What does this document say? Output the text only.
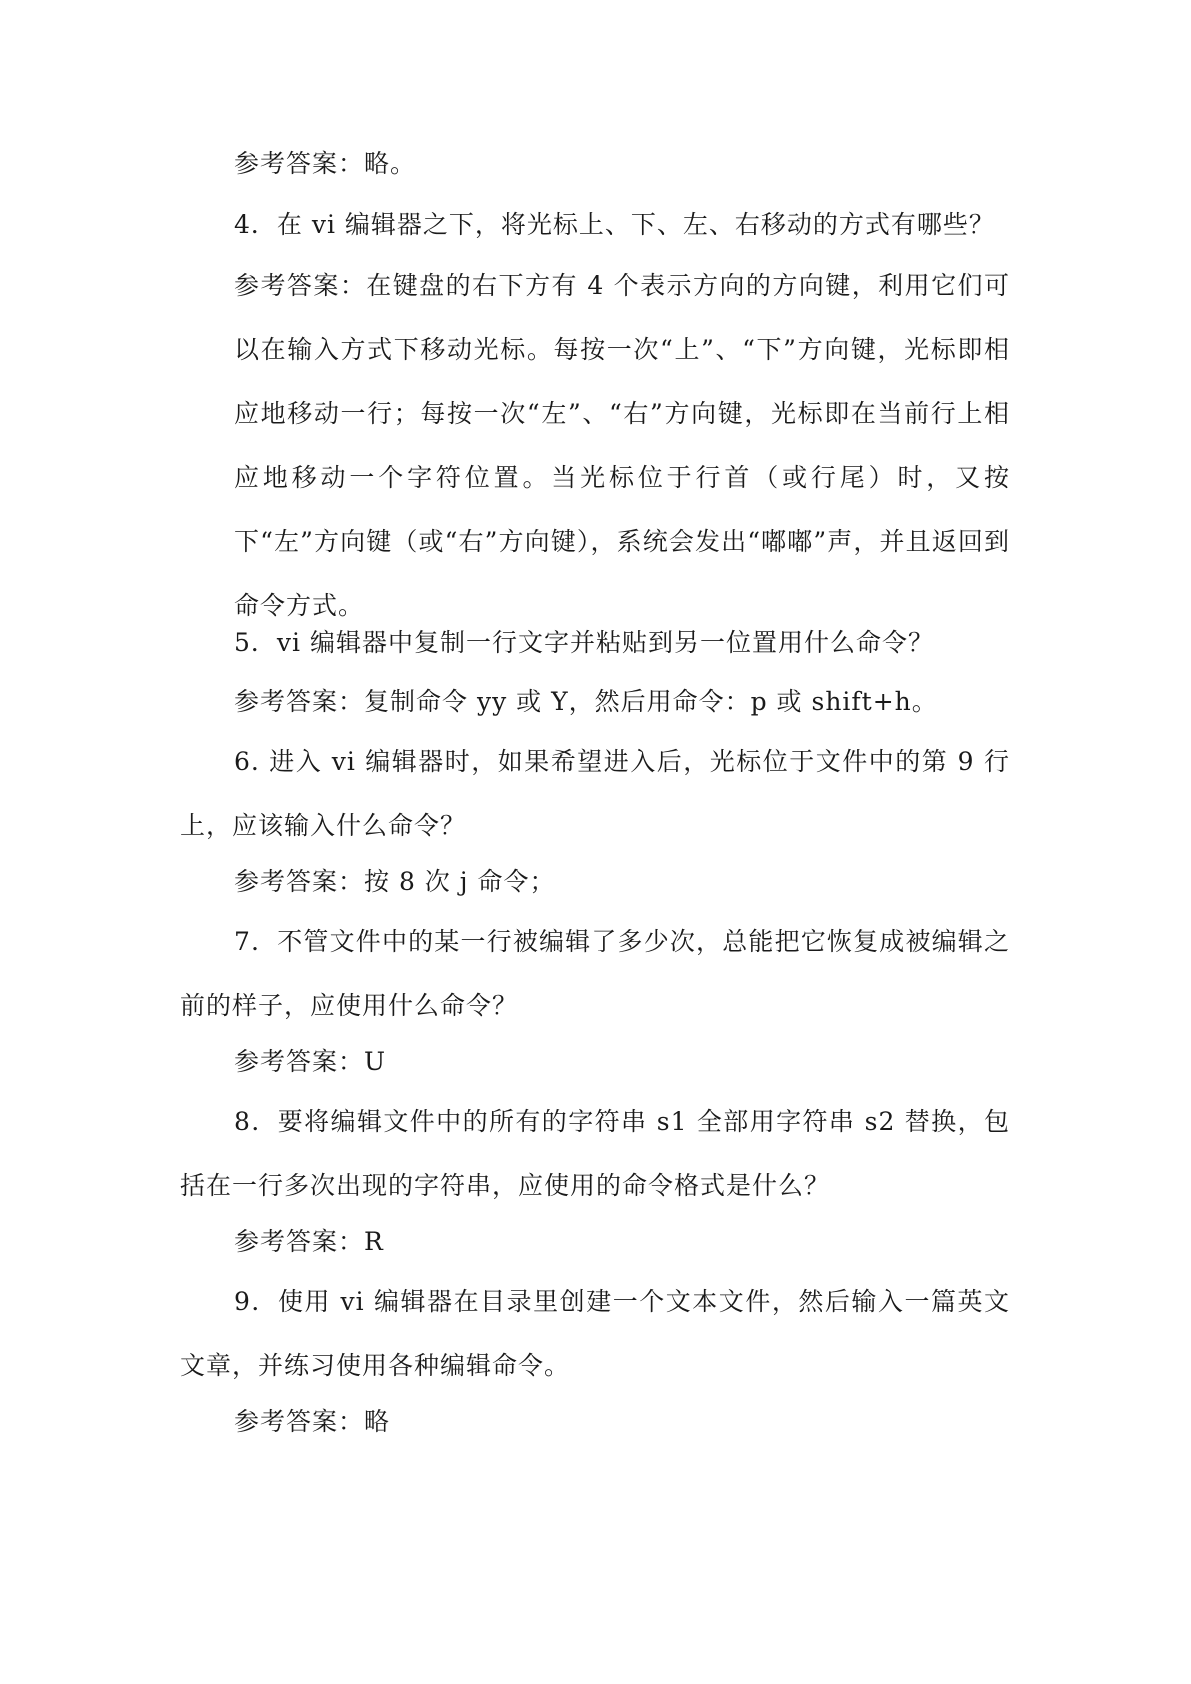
参考答案：略。

4．在 vi 编辑器之下，将光标上、下、左、右移动的方式有哪些？

参考答案：在键盘的右下方有 4 个表示方向的方向键，利用它们可以在输入方式下移动光标。每按一次“上”、“下”方向键，光标即相应地移动一行；每按一次“左”、“右”方向键，光标即在当前行上相应地移动一个字符位置。当光标位于行首（或行尾）时，又按下“左”方向键（或“右”方向键），系统会发出“嘟嘟”声，并且返回到命令方式。

5．vi 编辑器中复制一行文字并粘贴到另一位置用什么命令？

参考答案：复制命令 yy 或 Y，然后用命令：p 或 shift+h。

6. 进入 vi 编辑器时，如果希望进入后，光标位于文件中的第 9 行上，应该输入什么命令？

参考答案：按 8 次 j 命令；

7．不管文件中的某一行被编辑了多少次，总能把它恢复成被编辑之前的样子，应使用什么命令？

参考答案：U

8．要将编辑文件中的所有的字符串 s1 全部用字符串 s2 替换，包括在一行多次出现的字符串，应使用的命令格式是什么？

参考答案：R

9．使用 vi 编辑器在目录里创建一个文本文件，然后输入一篇英文文章，并练习使用各种编辑命令。

参考答案：略
